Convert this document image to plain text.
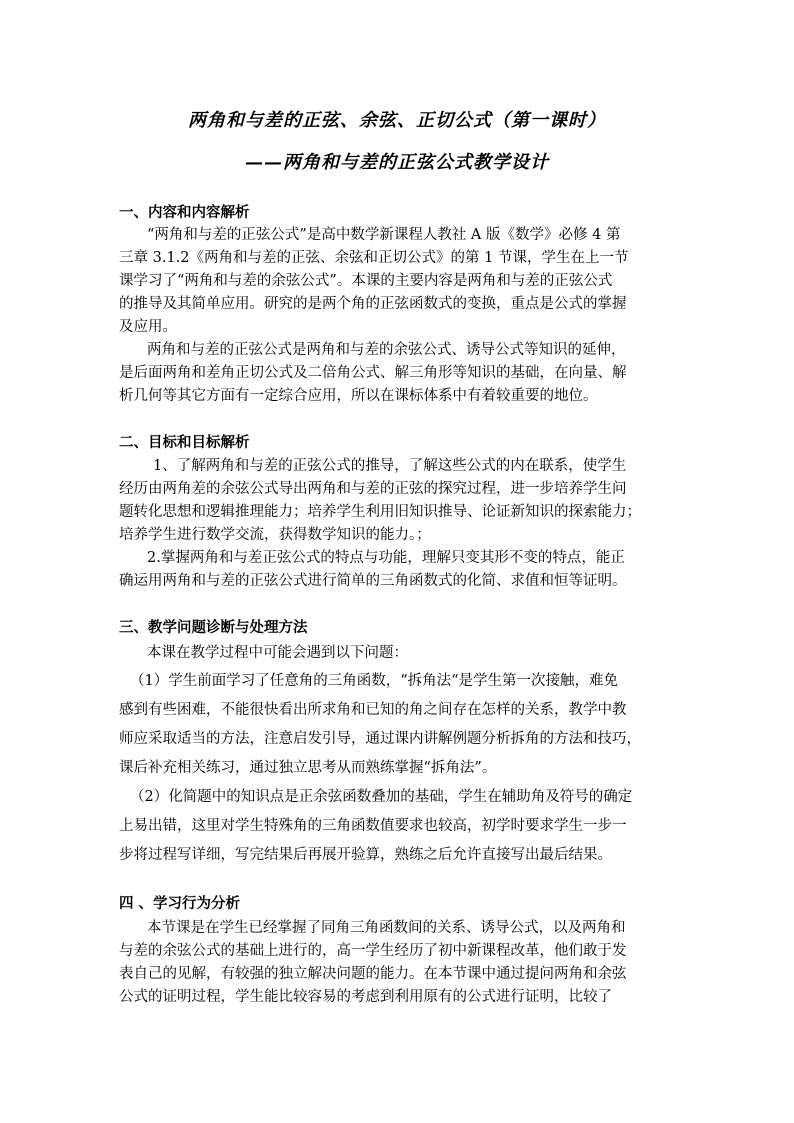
两角和与差的正弦、余弦、正切公式（第一课时）
——两角和与差的正弦公式教学设计
一、内容和内容解析
“两角和与差的正弦公式”是高中数学新课程人教社 A 版《数学》必修 4 第
三章 3.1.2《两角和与差的正弦、余弦和正切公式》的第 1 节课，学生在上一节
课学习了“两角和与差的余弦公式”。本课的主要内容是两角和与差的正弦公式
的推导及其简单应用。研究的是两个角的正弦函数式的变换，重点是公式的掌握
及应用。
两角和与差的正弦公式是两角和与差的余弦公式、诱导公式等知识的延伸，
是后面两角和差角正切公式及二倍角公式、解三角形等知识的基础，在向量、解
析几何等其它方面有一定综合应用，所以在课标体系中有着较重要的地位。
二、目标和目标解析
1、了解两角和与差的正弦公式的推导，了解这些公式的内在联系，使学生
经历由两角差的余弦公式导出两角和与差的正弦的探究过程，进一步培养学生问
题转化思想和逻辑推理能力；培养学生利用旧知识推导、论证新知识的探索能力；
培养学生进行数学交流，获得数学知识的能力。；
2.掌握两角和与差正弦公式的特点与功能，理解只变其形不变的特点，能正
确运用两角和与差的正弦公式进行简单的三角函数式的化简、求值和恒等证明。
三、教学问题诊断与处理方法
本课在教学过程中可能会遇到以下问题：
（1）学生前面学习了任意角的三角函数，“拆角法“是学生第一次接触，难免
感到有些困难，不能很快看出所求角和已知的角之间存在怎样的关系，教学中教
师应采取适当的方法，注意启发引导，通过课内讲解例题分析拆角的方法和技巧，
课后补充相关练习，通过独立思考从而熟练掌握“拆角法”。
（2）化简题中的知识点是正余弦函数叠加的基础，学生在辅助角及符号的确定
上易出错，这里对学生特殊角的三角函数值要求也较高，初学时要求学生一步一
步将过程写详细，写完结果后再展开验算，熟练之后允许直接写出最后结果。
四 、学习行为分析
本节课是在学生已经掌握了同角三角函数间的关系、诱导公式，以及两角和
与差的余弦公式的基础上进行的，高一学生经历了初中新课程改革，他们敢于发
表自己的见解，有较强的独立解决问题的能力。在本节课中通过提问两角和余弦
公式的证明过程，学生能比较容易的考虑到利用原有的公式进行证明，比较了
